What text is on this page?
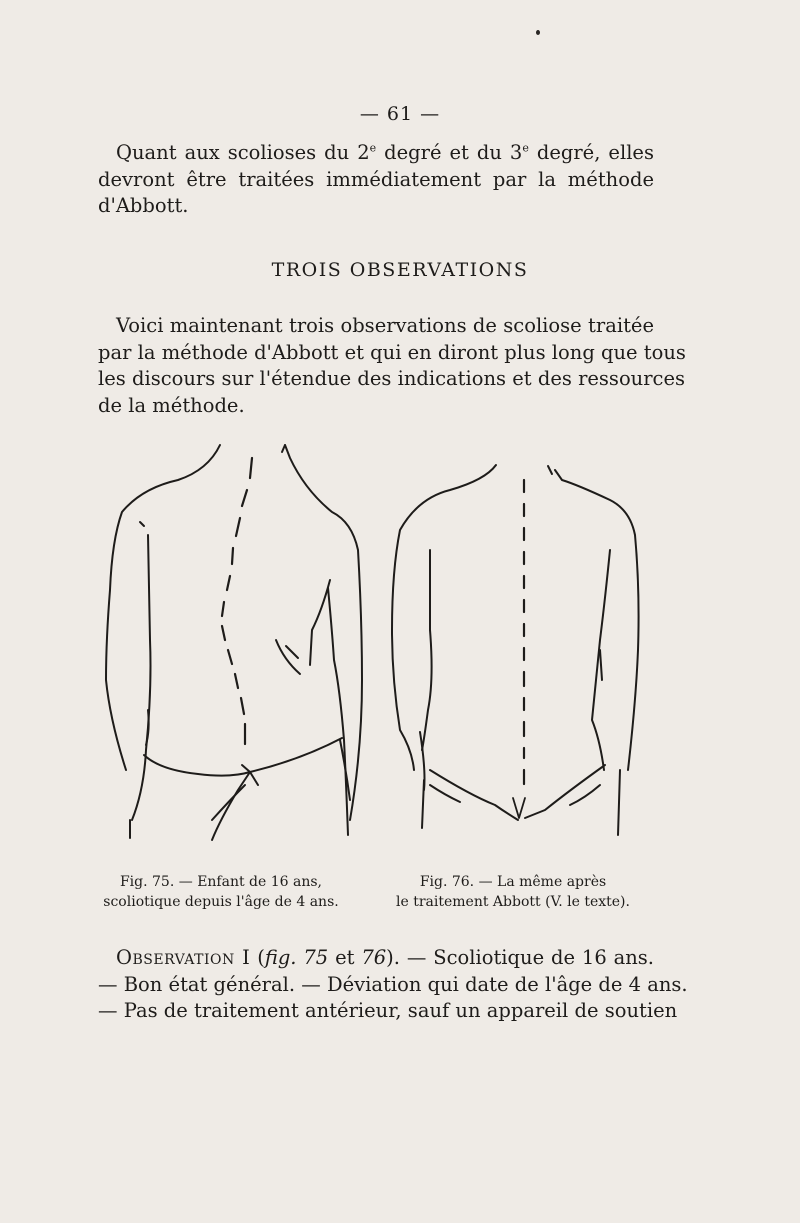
— 61 —
Quant aux scolioses du 2e degré et du 3e degré, elles
devront être traitées immédiatement par la méthode
d'Abbott.
TROIS OBSERVATIONS
Voici maintenant trois observations de scoliose traitée
par la méthode d'Abbott et qui en diront plus long que tous
les discours sur l'étendue des indications et des ressources
de la méthode.
Fig. 75. — Enfant de 16 ans,
scoliotique depuis l'âge de 4 ans.
Fig. 76. — La même après
le traitement Abbott (V. le texte).
Observation I (fig. 75 et 76). — Scoliotique de 16 ans.
— Bon état général. — Déviation qui date de l'âge de 4 ans.
— Pas de traitement antérieur, sauf un appareil de soutien
